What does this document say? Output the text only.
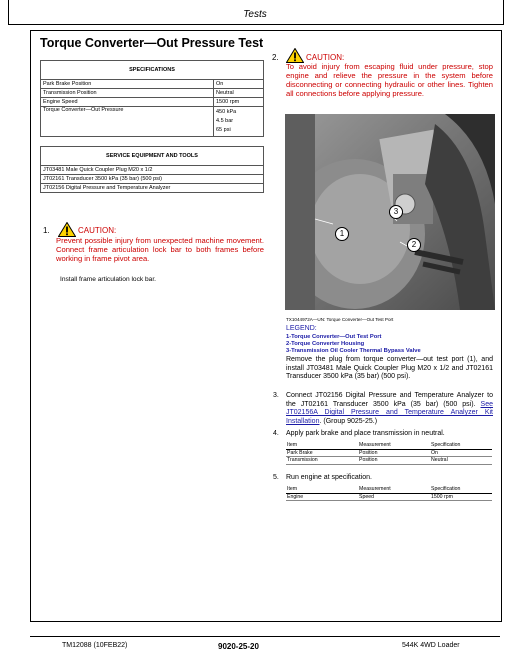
Tests
Torque Converter—Out Pressure Test
SPECIFICATIONS	
Park Brake Position	On
Transmission Position	Neutral
Engine Speed	1500 rpm
Torque Converter—Out Pressure	450 kPa
4.5 bar
65 psi
SERVICE EQUIPMENT AND TOOLS
JT03481 Male Quick Coupler Plug M20 x 1/2
JT02161 Transducer 3500 kPa (35 bar) (500 psi)
JT02156 Digital Pressure and Temperature Analyzer
1.	CAUTION:
Prevent possible injury from unexpected machine movement. Connect frame articulation lock bar to both frames before working in frame pivot area.
Install frame articulation lock bar.
2.	CAUTION:
To avoid injury from escaping fluid under pressure, stop engine and relieve the pressure in the system before disconnecting or connecting hydraulic or other lines. Tighten all connections before applying pressure.
1
2
3
TX1044972A—UN: Torque Converter—Out Test Port
LEGEND:
1-Torque Converter—Out Test Port
2-Torque Converter Housing
3-Transmission Oil Cooler Thermal Bypass Valve
Remove the plug from torque converter—out test port (1), and install JT03481 Male Quick Coupler Plug M20 x 1/2 and JT02161 Transducer 3500 kPa (35 bar) (500 psi).
3. Connect JT02156 Digital Pressure and Temperature Analyzer to the JT02161 Transducer 3500 kPa (35 bar) (500 psi). See JT02156A Digital Pressure and Temperature Analyzer Kit Installation. (Group 9025-25.)
4. Apply park brake and place transmission in neutral.
Item	Measurement	Specification
Park Brake	Position	On
Transmission	Position	Neutral
5. Run engine at specification.
Item	Measurement	Specification
Engine	Speed	1500 rpm
TM12088 (10FEB22)	9020-25-20	544K 4WD Loader
